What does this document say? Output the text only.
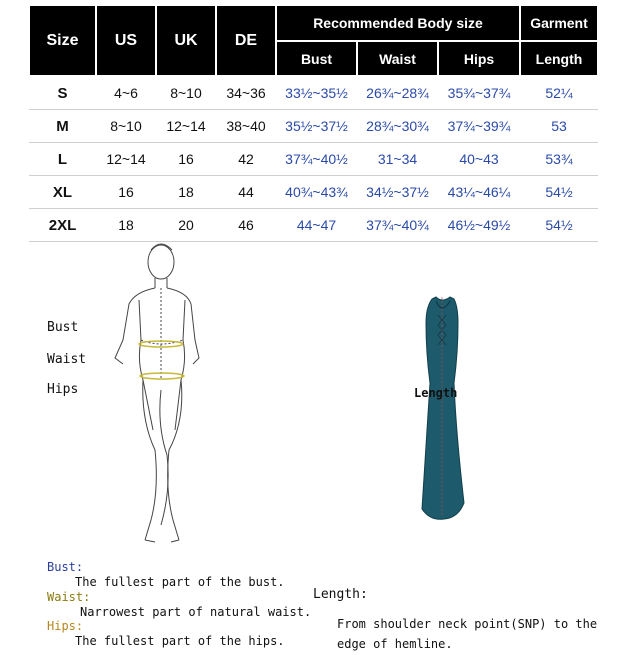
Size	US	UK	DE	Recommended Body size			Garment
				Bust	Waist	Hips	Length
S	4~6	8~10	34~36	33½~35½	26¾~28¾	35¾~37¾	52¼
M	8~10	12~14	38~40	35½~37½	28¾~30¾	37¾~39¾	53
L	12~14	16	42	37¾~40½	31~34	40~43	53¾
XL	16	18	44	40¾~43¾	34½~37½	43¼~46¼	54½
2XL	18	20	46	44~47	37¾~40¾	46½~49½	54½
Bust
Waist
Hips	Length
Bust:
The fullest part of the bust.
Waist:
Narrowest part of natural waist.
Hips:
The fullest part of the hips.
Length:
From shoulder neck point(SNP) to the
edge of hemline.
